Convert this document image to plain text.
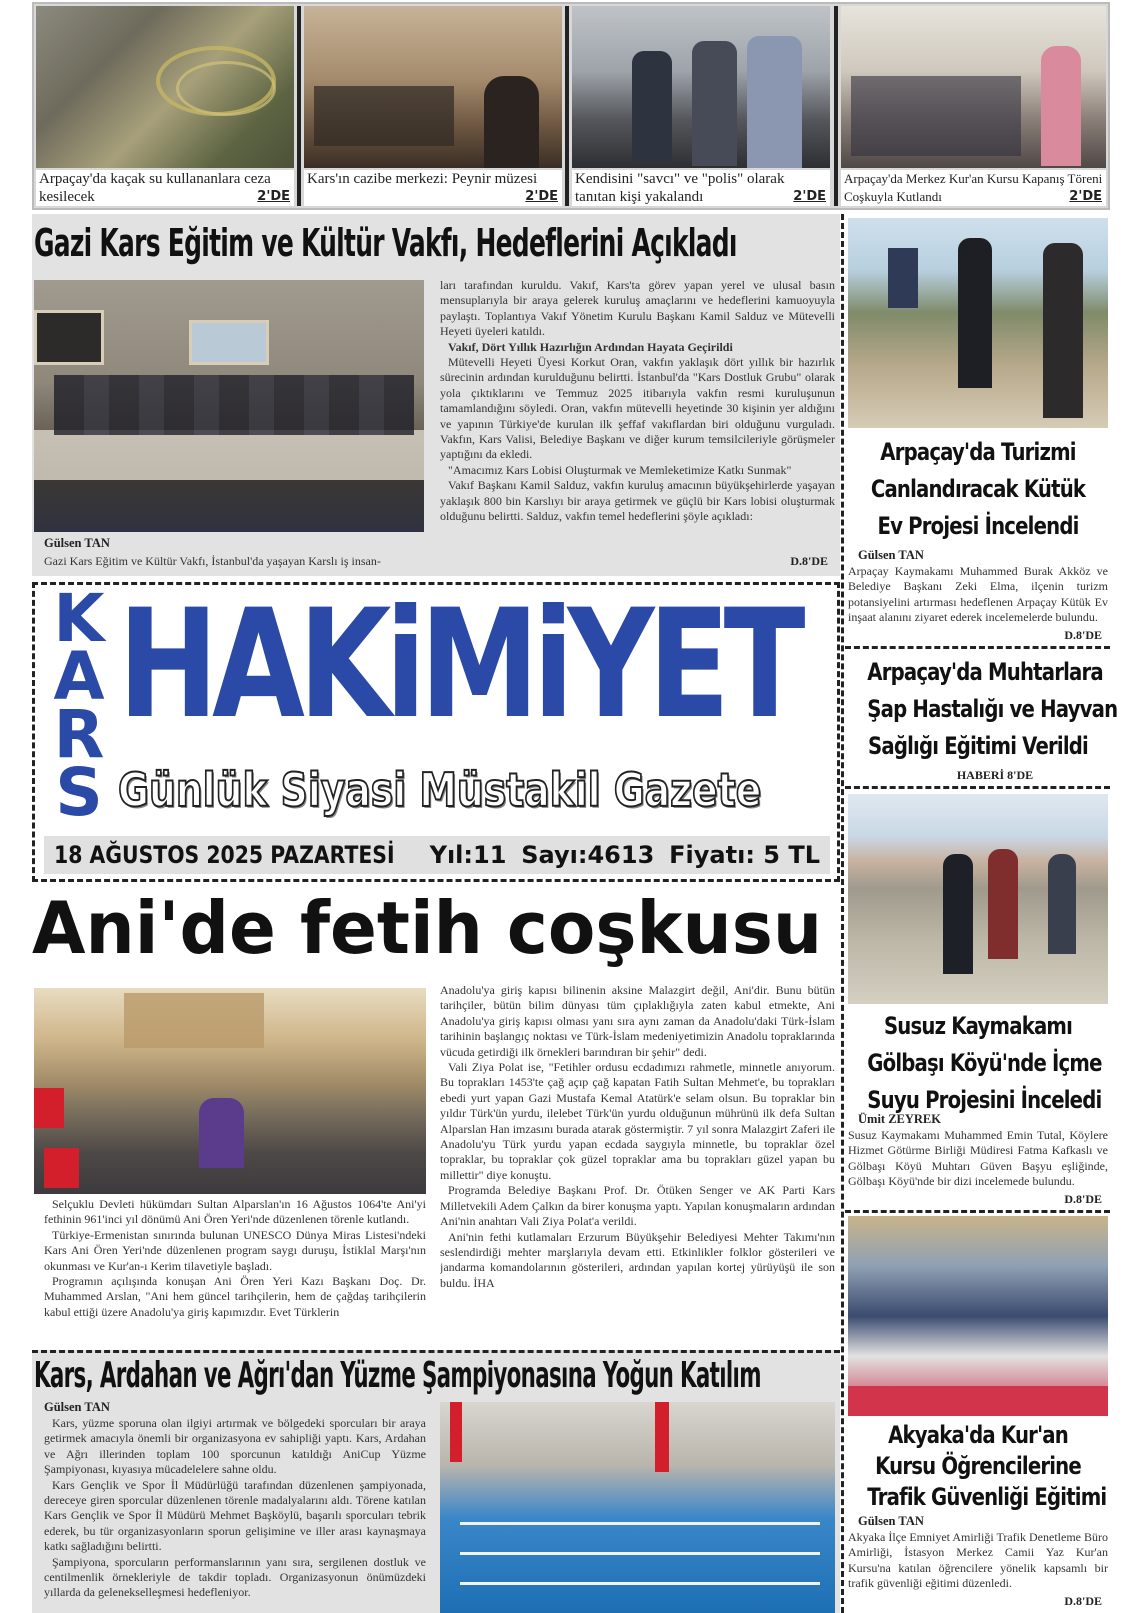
Arpaçay'da kaçak su kullananlara ceza kesilecek	2'DE
Kars'ın cazibe merkezi: Peynir müzesi
2'DE
Kendisini "savcı" ve "polis" olarak tanıtan kişi yakalandı	2'DE
Arpaçay'da Merkez Kur'an Kursu Kapanış Töreni Coşkuyla Kutlandı	2'DE
Gazi Kars Eğitim ve Kültür Vakfı, Hedeflerini Açıkladı
Gülsen TAN
Gazi Kars Eğitim ve Kültür Vakfı, İstanbul'da yaşayan Karslı iş insan-

ları tarafından kuruldu. Vakıf, Kars'ta görev yapan yerel ve ulusal basın mensuplarıyla bir araya gelerek kuruluş amaçlarını ve hedeflerini kamuoyuyla paylaştı. Toplantıya Vakıf Yönetim Kurulu Başkanı Kamil Salduz ve Mütevelli Heyeti üyeleri katıldı.

Vakıf, Dört Yıllık Hazırlığın Ardından Hayata Geçirildi

Mütevelli Heyeti Üyesi Korkut Oran, vakfın yaklaşık dört yıllık bir hazırlık sürecinin ardından kurulduğunu belirtti. İstanbul'da "Kars Dostluk Grubu" olarak yola çıktıklarını ve Temmuz 2025 itibarıyla vakfın resmi kuruluşunun tamamlandığını söyledi. Oran, vakfın mütevelli heyetinde 30 kişinin yer aldığını ve yapının Türkiye'de kurulan ilk şeffaf vakıflardan biri olduğunu vurguladı. Vakfın, Kars Valisi, Belediye Başkanı ve diğer kurum temsilcileriyle görüşmeler yaptığını da ekledi.

"Amacımız Kars Lobisi Oluşturmak ve Memleketimize Katkı Sunmak"

Vakıf Başkanı Kamil Salduz, vakfın kuruluş amacının büyükşehirlerde yaşayan yaklaşık 800 bin Karslıyı bir araya getirmek ve güçlü bir Kars lobisi oluşturmak olduğunu belirtti. Salduz, vakfın temel hedeflerini şöyle açıkladı:

D.8'DE
K
A
R
S
HAKiMiYET
Günlük Siyasi Müstakil Gazete
18 AĞUSTOS 2025 PAZARTESİ Yıl:11 Sayı:4613 Fiyatı: 5 TL
Ani'de fetih coşkusu

Selçuklu Devleti hükümdarı Sultan Alparslan'ın 16 Ağustos 1064'te Ani'yi fethinin 961'inci yıl dönümü Ani Ören Yeri'nde düzenlenen törenle kutlandı.

Türkiye-Ermenistan sınırında bulunan UNESCO Dünya Miras Listesi'ndeki Kars Ani Ören Yeri'nde düzenlenen program saygı duruşu, İstiklal Marşı'nın okunması ve Kur'an-ı Kerim tilavetiyle başladı.

Programın açılışında konuşan Ani Ören Yeri Kazı Başkanı Doç. Dr. Muhammed Arslan, "Ani hem güncel tarihçilerin, hem de çağdaş tarihçilerin kabul ettiği üzere Anadolu'ya giriş kapımızdır. Evet Türklerin

Anadolu'ya giriş kapısı bilinenin aksine Malazgirt değil, Ani'dir. Bunu bütün tarihçiler, bütün bilim dünyası tüm çıplaklığıyla zaten kabul etmekte, Ani Anadolu'ya giriş kapısı olması yanı sıra aynı zaman da Anadolu'daki Türk-İslam tarihinin başlangıç noktası ve Türk-İslam medeniyetimizin Anadolu topraklarında vücuda getirdiği ilk örnekleri barındıran bir şehir" dedi.

Vali Ziya Polat ise, "Fetihler ordusu ecdadımızı rahmetle, minnetle anıyorum. Bu toprakları 1453'te çağ açıp çağ kapatan Fatih Sultan Mehmet'e, bu toprakları ebedi yurt yapan Gazi Mustafa Kemal Atatürk'e selam olsun. Bu topraklar bin yıldır Türk'ün yurdu, ilelebet Türk'ün yurdu olduğunun mührünü ilk defa Sultan Alparslan Han imzasını burada atarak göstermiştir. 7 yıl sonra Malazgirt Zaferi ile Anadolu'yu Türk yurdu yapan ecdada saygıyla minnetle, bu topraklar özel topraklar, bu topraklar çok güzel topraklar ama bu toprakları güzel yapan bu millettir" diye konuştu.

Programda Belediye Başkanı Prof. Dr. Ötüken Senger ve AK Parti Kars Milletvekili Adem Çalkın da birer konuşma yaptı. Yapılan konuşmaların ardından Ani'nin anahtarı Vali Ziya Polat'a verildi.

Ani'nin fethi kutlamaları Erzurum Büyükşehir Belediyesi Mehter Takımı'nın seslendirdiği mehter marşlarıyla devam etti. Etkinlikler folklor gösterileri ve jandarma komandolarının gösterileri, ardından yapılan kortej yürüyüşü ile son buldu. İHA

Kars, Ardahan ve Ağrı'dan Yüzme Şampiyonasına Yoğun Katılım
Gülsen TAN

Kars, yüzme sporuna olan ilgiyi artırmak ve bölgedeki sporcuları bir araya getirmek amacıyla önemli bir organizasyona ev sahipliği yaptı. Kars, Ardahan ve Ağrı illerinden toplam 100 sporcunun katıldığı AniCup Yüzme Şampiyonası, kıyasıya mücadelelere sahne oldu.

Kars Gençlik ve Spor İl Müdürlüğü tarafından düzenlenen şampiyonada, dereceye giren sporcular düzenlenen törenle madalyalarını aldı. Törene katılan Kars Gençlik ve Spor İl Müdürü Mehmet Başköylü, başarılı sporcuları tebrik ederek, bu tür organizasyonların sporun gelişimine ve iller arası kaynaşmaya katkı sağladığını belirtti.

Şampiyona, sporcuların performanslarının yanı sıra, sergilenen dostluk ve centilmenlik örnekleriyle de takdir topladı. Organizasyonun önümüzdeki yıllarda da gelenekselleşmesi hedefleniyor.

Arpaçay'da Turizmi
Canlandıracak Kütük
Ev Projesi İncelendi
Gülsen TAN
Arpaçay Kaymakamı Muhammed Burak Akköz ve Belediye Başkanı Zeki Elma, ilçenin turizm potansiyelini artırması hedeflenen Arpaçay Kütük Ev inşaat alanını ziyaret ederek incelemelerde bulundu.
D.8'DE
Arpaçay'da Muhtarlara
Şap Hastalığı ve Hayvan
Sağlığı Eğitimi Verildi
HABERİ 8'DE
Susuz Kaymakamı
Gölbaşı Köyü'nde İçme
Suyu Projesini İnceledi
Ümit ZEYREK
Susuz Kaymakamı Muhammed Emin Tutal, Köylere Hizmet Götürme Birliği Müdiresi Fatma Kafkaslı ve Gölbaşı Köyü Muhtarı Güven Başyu eşliğinde, Gölbaşı Köyü'nde bir dizi incelemede bulundu.
D.8'DE
Akyaka'da Kur'an
Kursu Öğrencilerine
Trafik Güvenliği Eğitimi
Gülsen TAN
Akyaka İlçe Emniyet Amirliği Trafik Denetleme Büro Amirliği, İstasyon Merkez Camii Yaz Kur'an Kursu'na katılan öğrencilere yönelik kapsamlı bir trafik güvenliği eğitimi düzenledi.
D.8'DE
